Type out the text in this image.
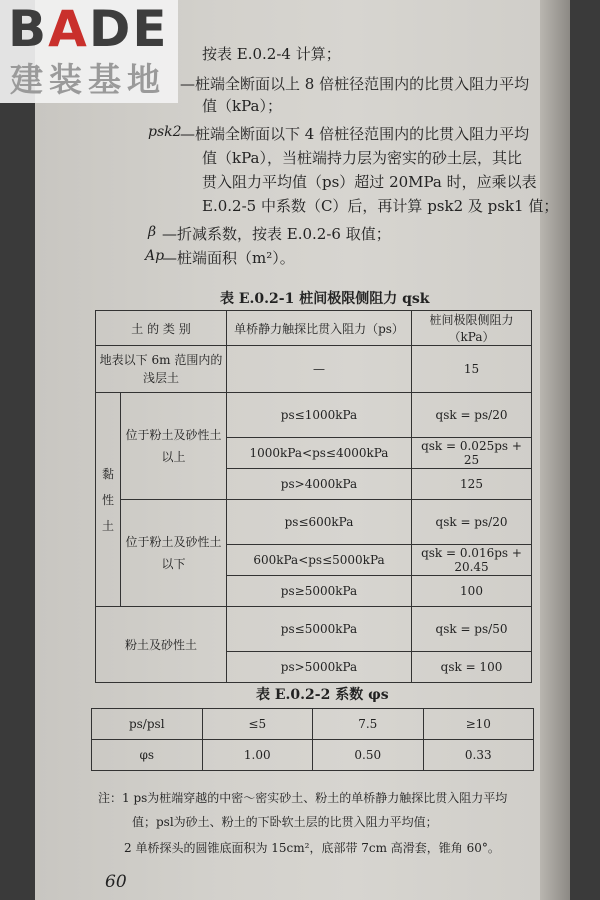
BADE
建装基地
按表 E.0.2-4 计算；
—桩端全断面以上 8 倍桩径范围内的比贯入阻力平均
值（kPa）；
psk2
—桩端全断面以下 4 倍桩径范围内的比贯入阻力平均
值（kPa），当桩端持力层为密实的砂土层，其比
贯入阻力平均值（ps）超过 20MPa 时，应乘以表
E.0.2-5 中系数（C）后，再计算 psk2 及 psk1 值；
β —折减系数，按表 E.0.2-6 取值；
Ap
—桩端面积（m²）。
表 E.0.2-1 桩间极限侧阻力 qsk
土 的 类 别		单桥静力触探比贯入阻力（ps）	桩间极限侧阻力（kPa）
地表以下 6m 范围内的浅层土		—	15
黏性土	位于粉土及砂性土以上	ps≤1000kPa	qsk = ps/20
		1000kPa<ps≤4000kPa	qsk = 0.025ps + 25
		ps>4000kPa	125
	位于粉土及砂性土以下	ps≤600kPa	qsk = ps/20
		600kPa<ps≤5000kPa	qsk = 0.016ps + 20.45
		ps≥5000kPa	100
粉土及砂性土		ps≤5000kPa	qsk = ps/50
		ps>5000kPa	qsk = 100
表 E.0.2-2 系数 φs
ps/psl	≤5	7.5	≥10
φs	1.00	0.50	0.33
注：1 ps为桩端穿越的中密～密实砂土、粉土的单桥静力触探比贯入阻力平均
值；psl为砂土、粉土的下卧软土层的比贯入阻力平均值；
2 单桥探头的圆锥底面积为 15cm²，底部带 7cm 高滑套，锥角 60°。
60
